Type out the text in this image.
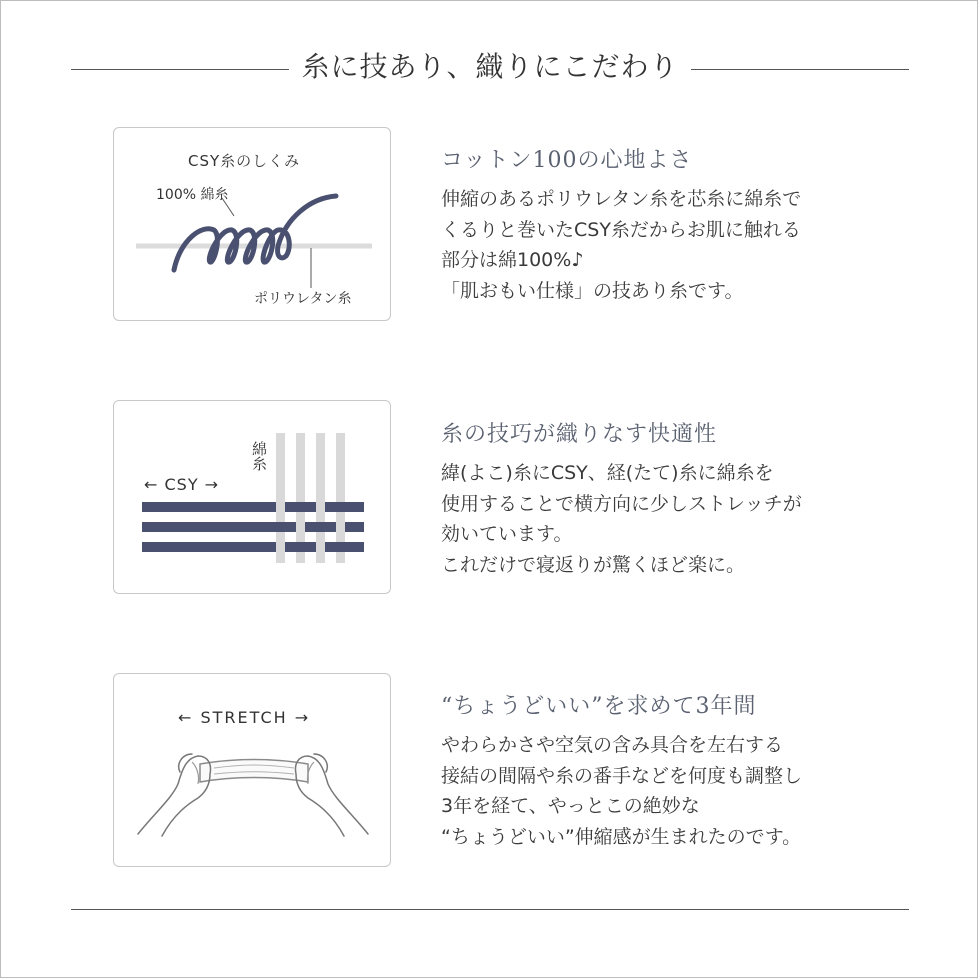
糸に技あり、織りにこだわり
CSY糸のしくみ
100% 綿糸
ポリウレタン糸
コットン100の心地よさ
伸縮のあるポリウレタン糸を芯糸に綿糸で
くるりと巻いたCSY糸だからお肌に触れる
部分は綿100%♪
「肌おもい仕様」の技あり糸です。
← CSY →
綿糸
糸の技巧が織りなす快適性
緯(よこ)糸にCSY、経(たて)糸に綿糸を
使用することで横方向に少しストレッチが
効いています。
これだけで寝返りが驚くほど楽に。
← STRETCH →	“ちょうどいい”を求めて3年間
やわらかさや空気の含み具合を左右する
接結の間隔や糸の番手などを何度も調整し
3年を経て、やっとこの絶妙な
“ちょうどいい”伸縮感が生まれたのです。
